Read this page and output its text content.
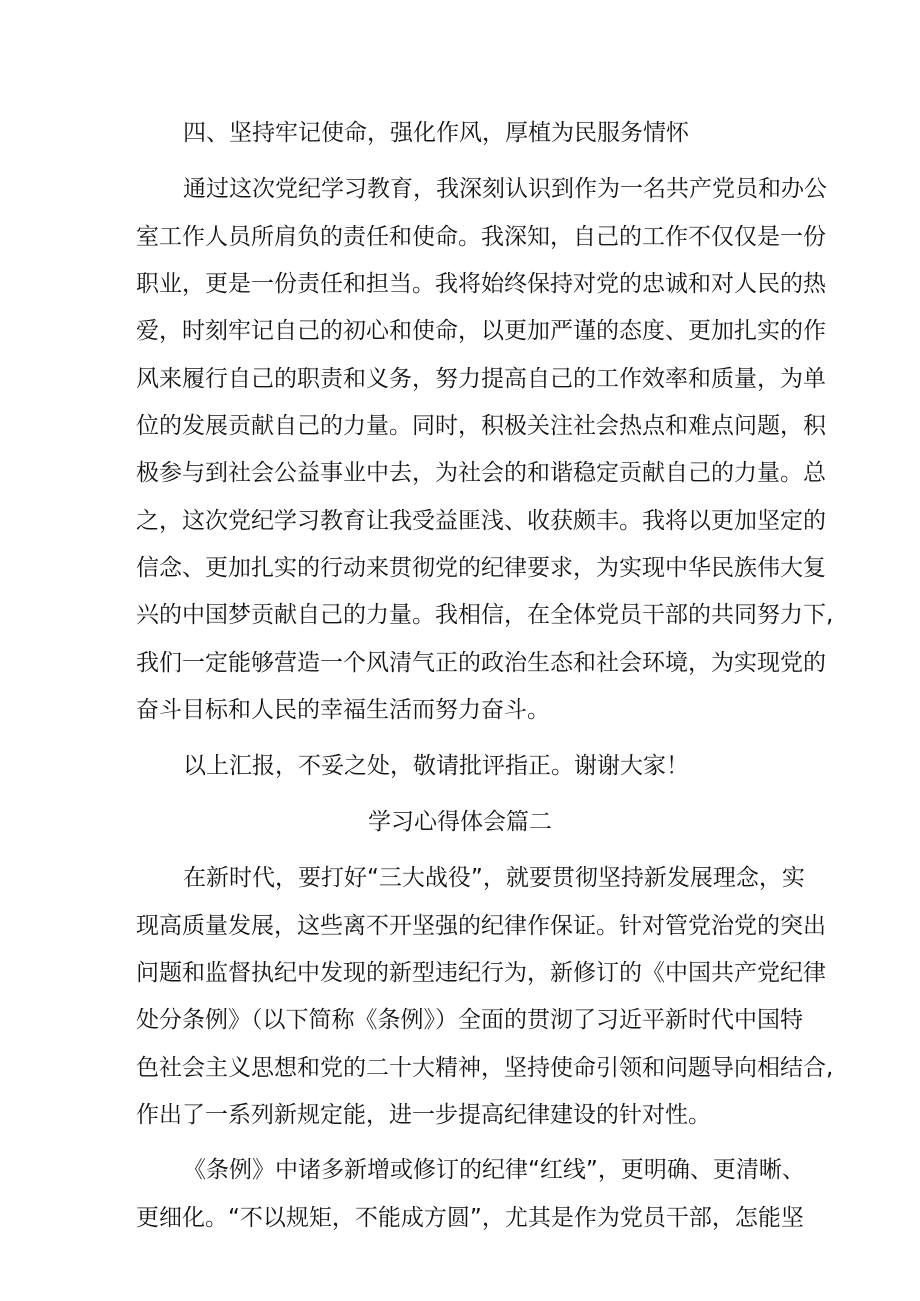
四、坚持牢记使命，强化作风，厚植为民服务情怀
通过这次党纪学习教育，我深刻认识到作为一名共产党员和办公
室工作人员所肩负的责任和使命。我深知，自己的工作不仅仅是一份
职业，更是一份责任和担当。我将始终保持对党的忠诚和对人民的热
爱，时刻牢记自己的初心和使命，以更加严谨的态度、更加扎实的作
风来履行自己的职责和义务，努力提高自己的工作效率和质量，为单
位的发展贡献自己的力量。同时，积极关注社会热点和难点问题，积
极参与到社会公益事业中去，为社会的和谐稳定贡献自己的力量。总
之，这次党纪学习教育让我受益匪浅、收获颇丰。我将以更加坚定的
信念、更加扎实的行动来贯彻党的纪律要求，为实现中华民族伟大复
兴的中国梦贡献自己的力量。我相信，在全体党员干部的共同努力下,
我们一定能够营造一个风清气正的政治生态和社会环境，为实现党的
奋斗目标和人民的幸福生活而努力奋斗。
以上汇报，不妥之处，敬请批评指正。谢谢大家！
学习心得体会篇二
在新时代，要打好“三大战役”，就要贯彻坚持新发展理念，实
现高质量发展，这些离不开坚强的纪律作保证。针对管党治党的突出
问题和监督执纪中发现的新型违纪行为，新修订的《中国共产党纪律
处分条例》（以下简称《条例》）全面的贯沏了习近平新时代中国特
色社会主义思想和党的二十大精神，坚持使命引领和问题导向相结合,
作出了一系列新规定能，进一步提高纪律建设的针对性。
《条例》中诸多新增或修订的纪律“红线”，更明确、更清晰、
更细化。“不以规矩，不能成方圆”，尤其是作为党员干部，怎能坚
